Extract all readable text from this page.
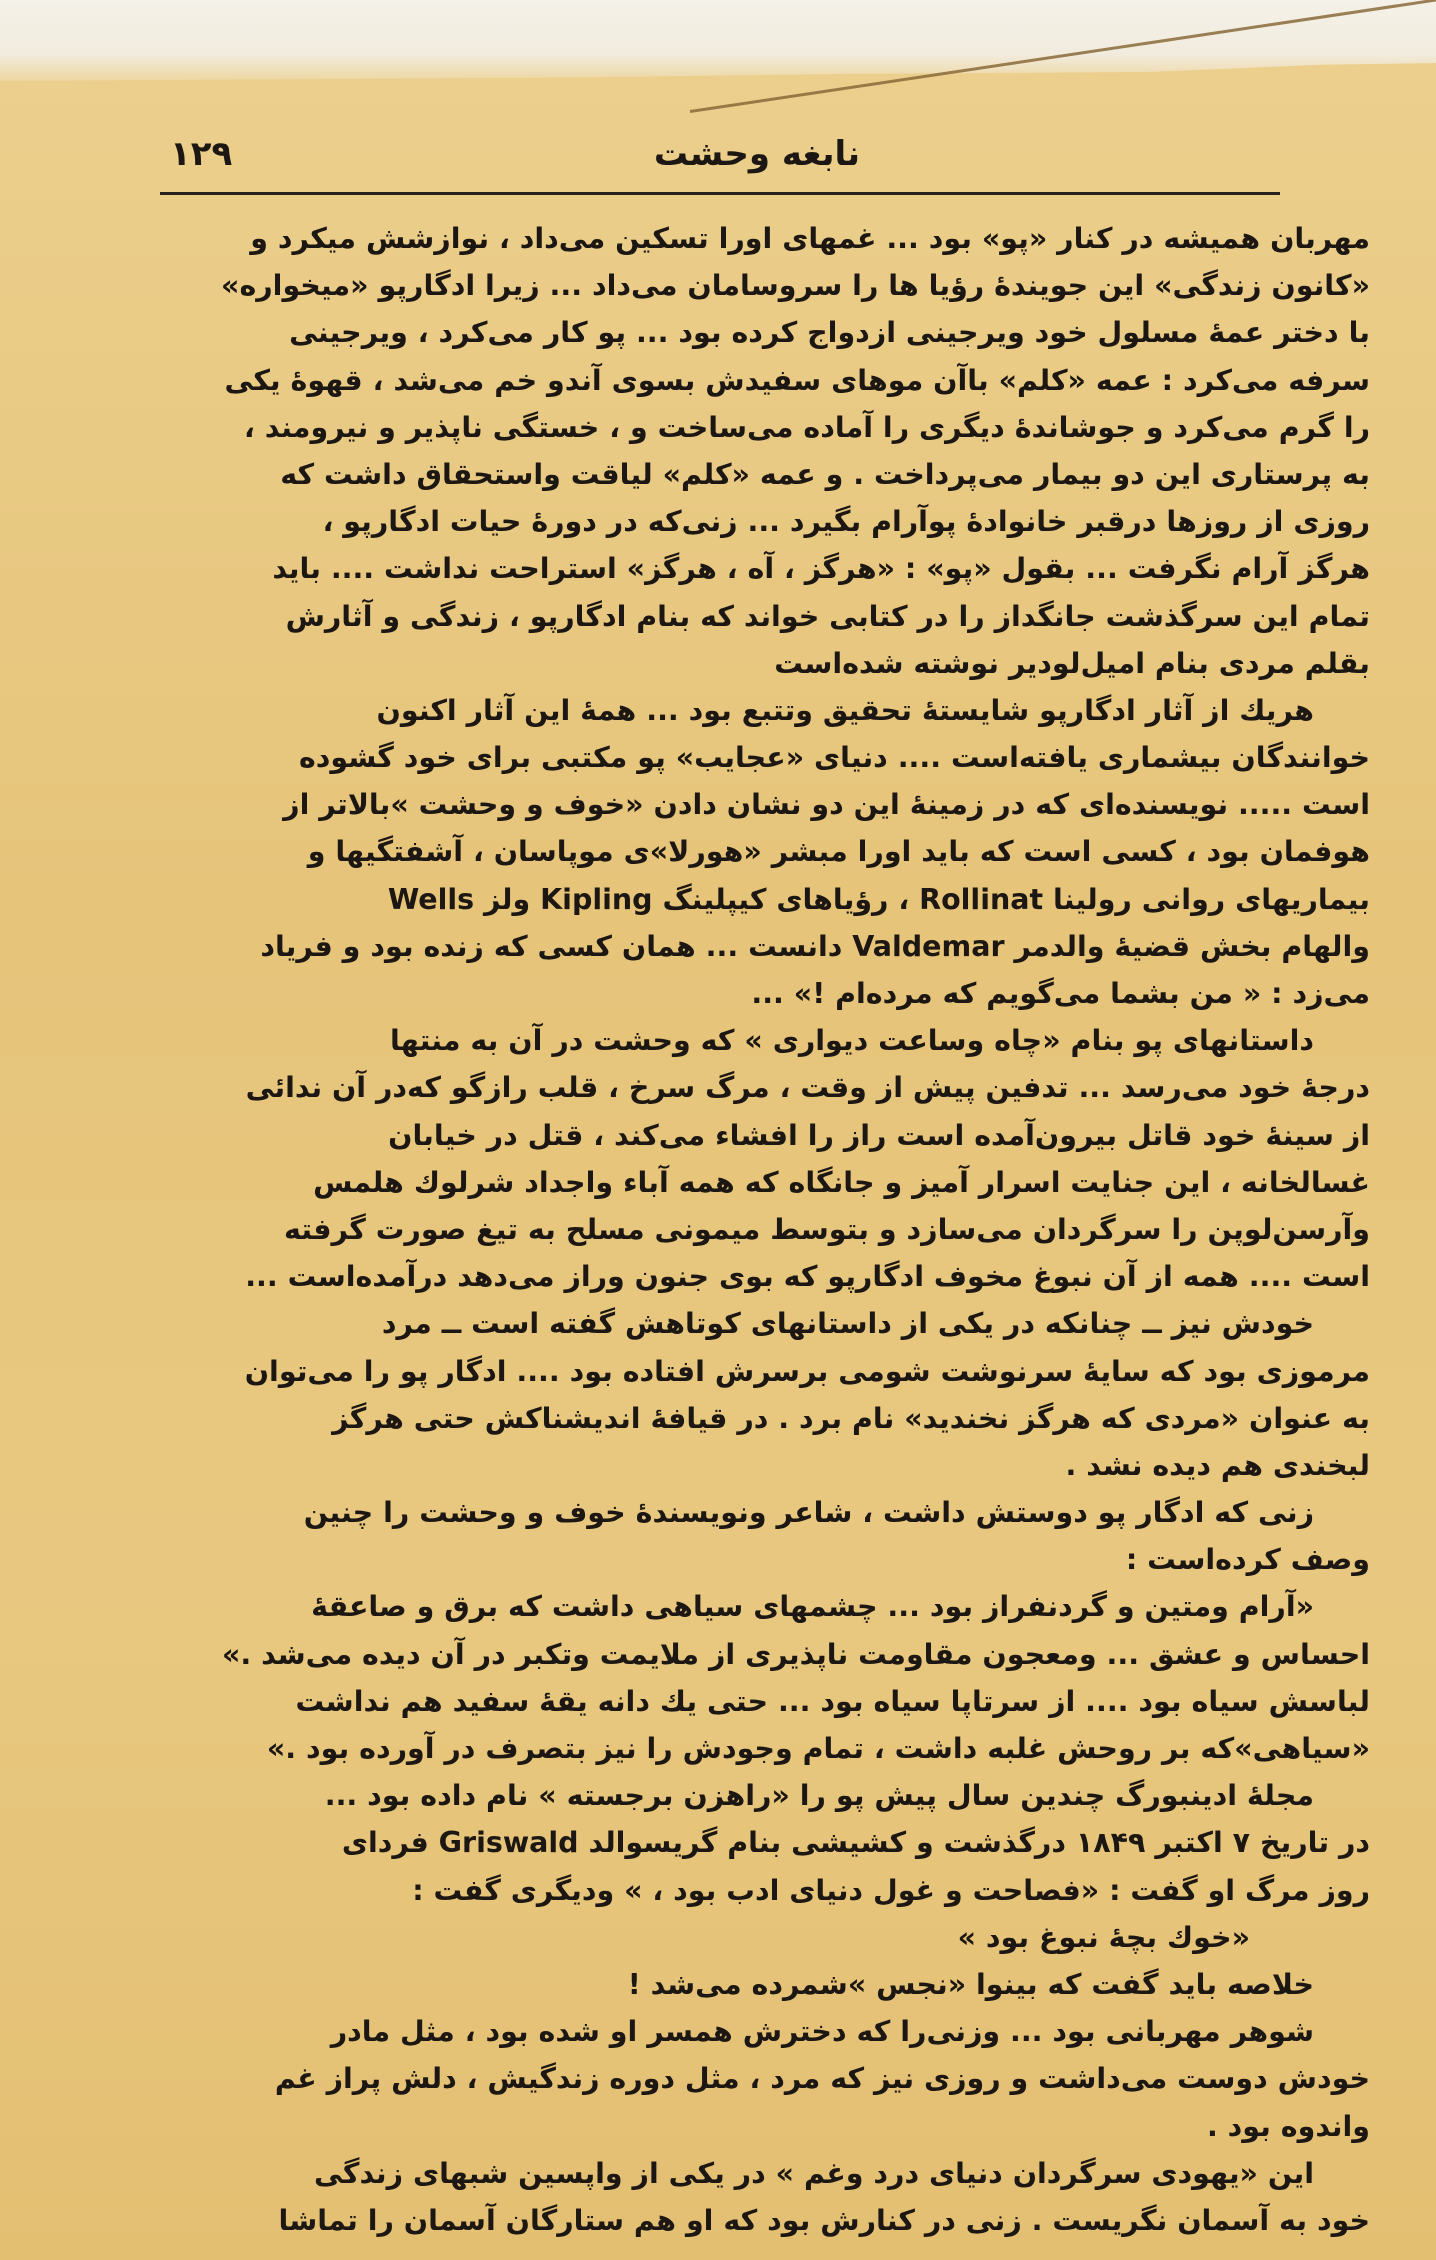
۱۲۹	نابغه وحشت
مهربان همیشه در کنار «پو» بود ... غمهای اورا تسکین می‌داد ، نوازشش میکرد و
«کانون زندگی» این جویندهٔ رؤیا ها را سروسامان می‌داد ... زیرا ادگارپو «میخواره»
با دختر عمهٔ مسلول خود ویرجینی ازدواج کرده بود ... پو کار می‌کرد ، ویرجینی
سرفه می‌کرد : عمه «کلم» باآن موهای سفیدش بسوی آندو خم می‌شد ، قهوهٔ یکی
را گرم می‌کرد و جوشاندهٔ دیگری را آماده می‌ساخت و ، خستگی ناپذیر و نیرومند ،
به پرستاری این دو بیمار می‌پرداخت . و عمه «کلم» لیاقت واستحقاق داشت که
روزی از روزها درقبر خانوادهٔ پوآرام بگیرد ... زنی‌که در دورهٔ حیات ادگارپو ،
هرگز آرام نگرفت ... بقول «پو» : «هرگز ، آه ، هرگز» استراحت نداشت .... باید
تمام این سرگذشت جانگداز را در کتابی خواند که بنام ادگارپو ، زندگی و آثارش
بقلم مردی بنام امیل‌لودیر نوشته شده‌است
هریك از آثار ادگارپو شایستهٔ تحقیق وتتبع بود ... همهٔ این آثار اکنون
خوانندگان بیشماری یافته‌است .... دنیای «عجایب» پو مکتبی برای خود گشوده
است ..... نویسنده‌ای که در زمینهٔ این دو نشان دادن «خوف و وحشت »بالاتر از
هوفمان بود ، کسی است که باید اورا مبشر «هورلا»ی موپاسان ، آشفتگیها و
بیماریهای روانی رولینا Rollinat ، رؤیاهای کیپلینگ Kipling ولز Wells
والهام بخش قضیهٔ والدمر Valdemar دانست ... همان کسی که زنده بود و فریاد
می‌زد : « من بشما می‌گویم که مرده‌ام !» ...
داستانهای پو بنام «چاه وساعت دیواری » که وحشت در آن به منتها
درجهٔ خود می‌رسد ... تدفین پیش از وقت ، مرگ سرخ ، قلب رازگو که‌در آن ندائی
از سینهٔ خود قاتل بیرون‌آمده است راز را افشاء می‌کند ، قتل در خیابان
غسالخانه ، این جنایت اسرار آمیز و جانگاه که همه آباء واجداد شرلوك هلمس
وآرسن‌لوپن را سرگردان می‌سازد و بتوسط میمونی مسلح به تیغ صورت گرفته
است .... همه از آن نبوغ مخوف ادگارپو که بوی جنون وراز می‌دهد درآمده‌است ...
خودش نیز ــ چنانکه در یکی از داستانهای کوتاهش گفته است ــ مرد
مرموزی بود که سایهٔ سرنوشت شومی برسرش افتاده بود .... ادگار پو را می‌توان
به عنوان «مردی که هرگز نخندید» نام برد . در قیافهٔ اندیشناکش حتی هرگز
لبخندی هم دیده نشد .
زنی که ادگار پو دوستش داشت ، شاعر ونویسندهٔ خوف و وحشت را چنین
وصف کرده‌است :
«آرام ومتین و گردنفراز بود ... چشمهای سیاهی داشت که برق و صاعقهٔ
احساس و عشق ... ومعجون مقاومت ناپذیری از ملایمت وتکبر در آن دیده می‌شد .»
لباسش سیاه بود .... از سرتاپا سیاه بود ... حتی یك دانه یقهٔ سفید هم نداشت
«سیاهی»که بر روحش غلبه داشت ، تمام وجودش را نیز بتصرف در آورده بود .»
مجلهٔ ادینبورگ چندین سال پیش پو را «راهزن برجسته » نام داده بود ...
در تاریخ ۷ اکتبر ۱۸۴۹ درگذشت و کشیشی بنام گریسوالد Griswald فردای
روز مرگ او گفت : «فصاحت و غول دنیای ادب بود ، » ودیگری گفت :
«خوك بچهٔ نبوغ بود »
خلاصه باید گفت که بینوا «نجس »شمرده می‌شد !
شوهر مهربانی بود ... وزنی‌را که دخترش همسر او شده بود ، مثل مادر
خودش دوست می‌داشت و روزی نیز که مرد ، مثل دوره زندگیش ، دلش پراز غم
واندوه بود .
این «یهودی سرگردان دنیای درد وغم » در یکی از واپسین شبهای زندگی
خود به آسمان نگریست . زنی در کنارش بود که او هم ستارگان آسمان را تماشا
